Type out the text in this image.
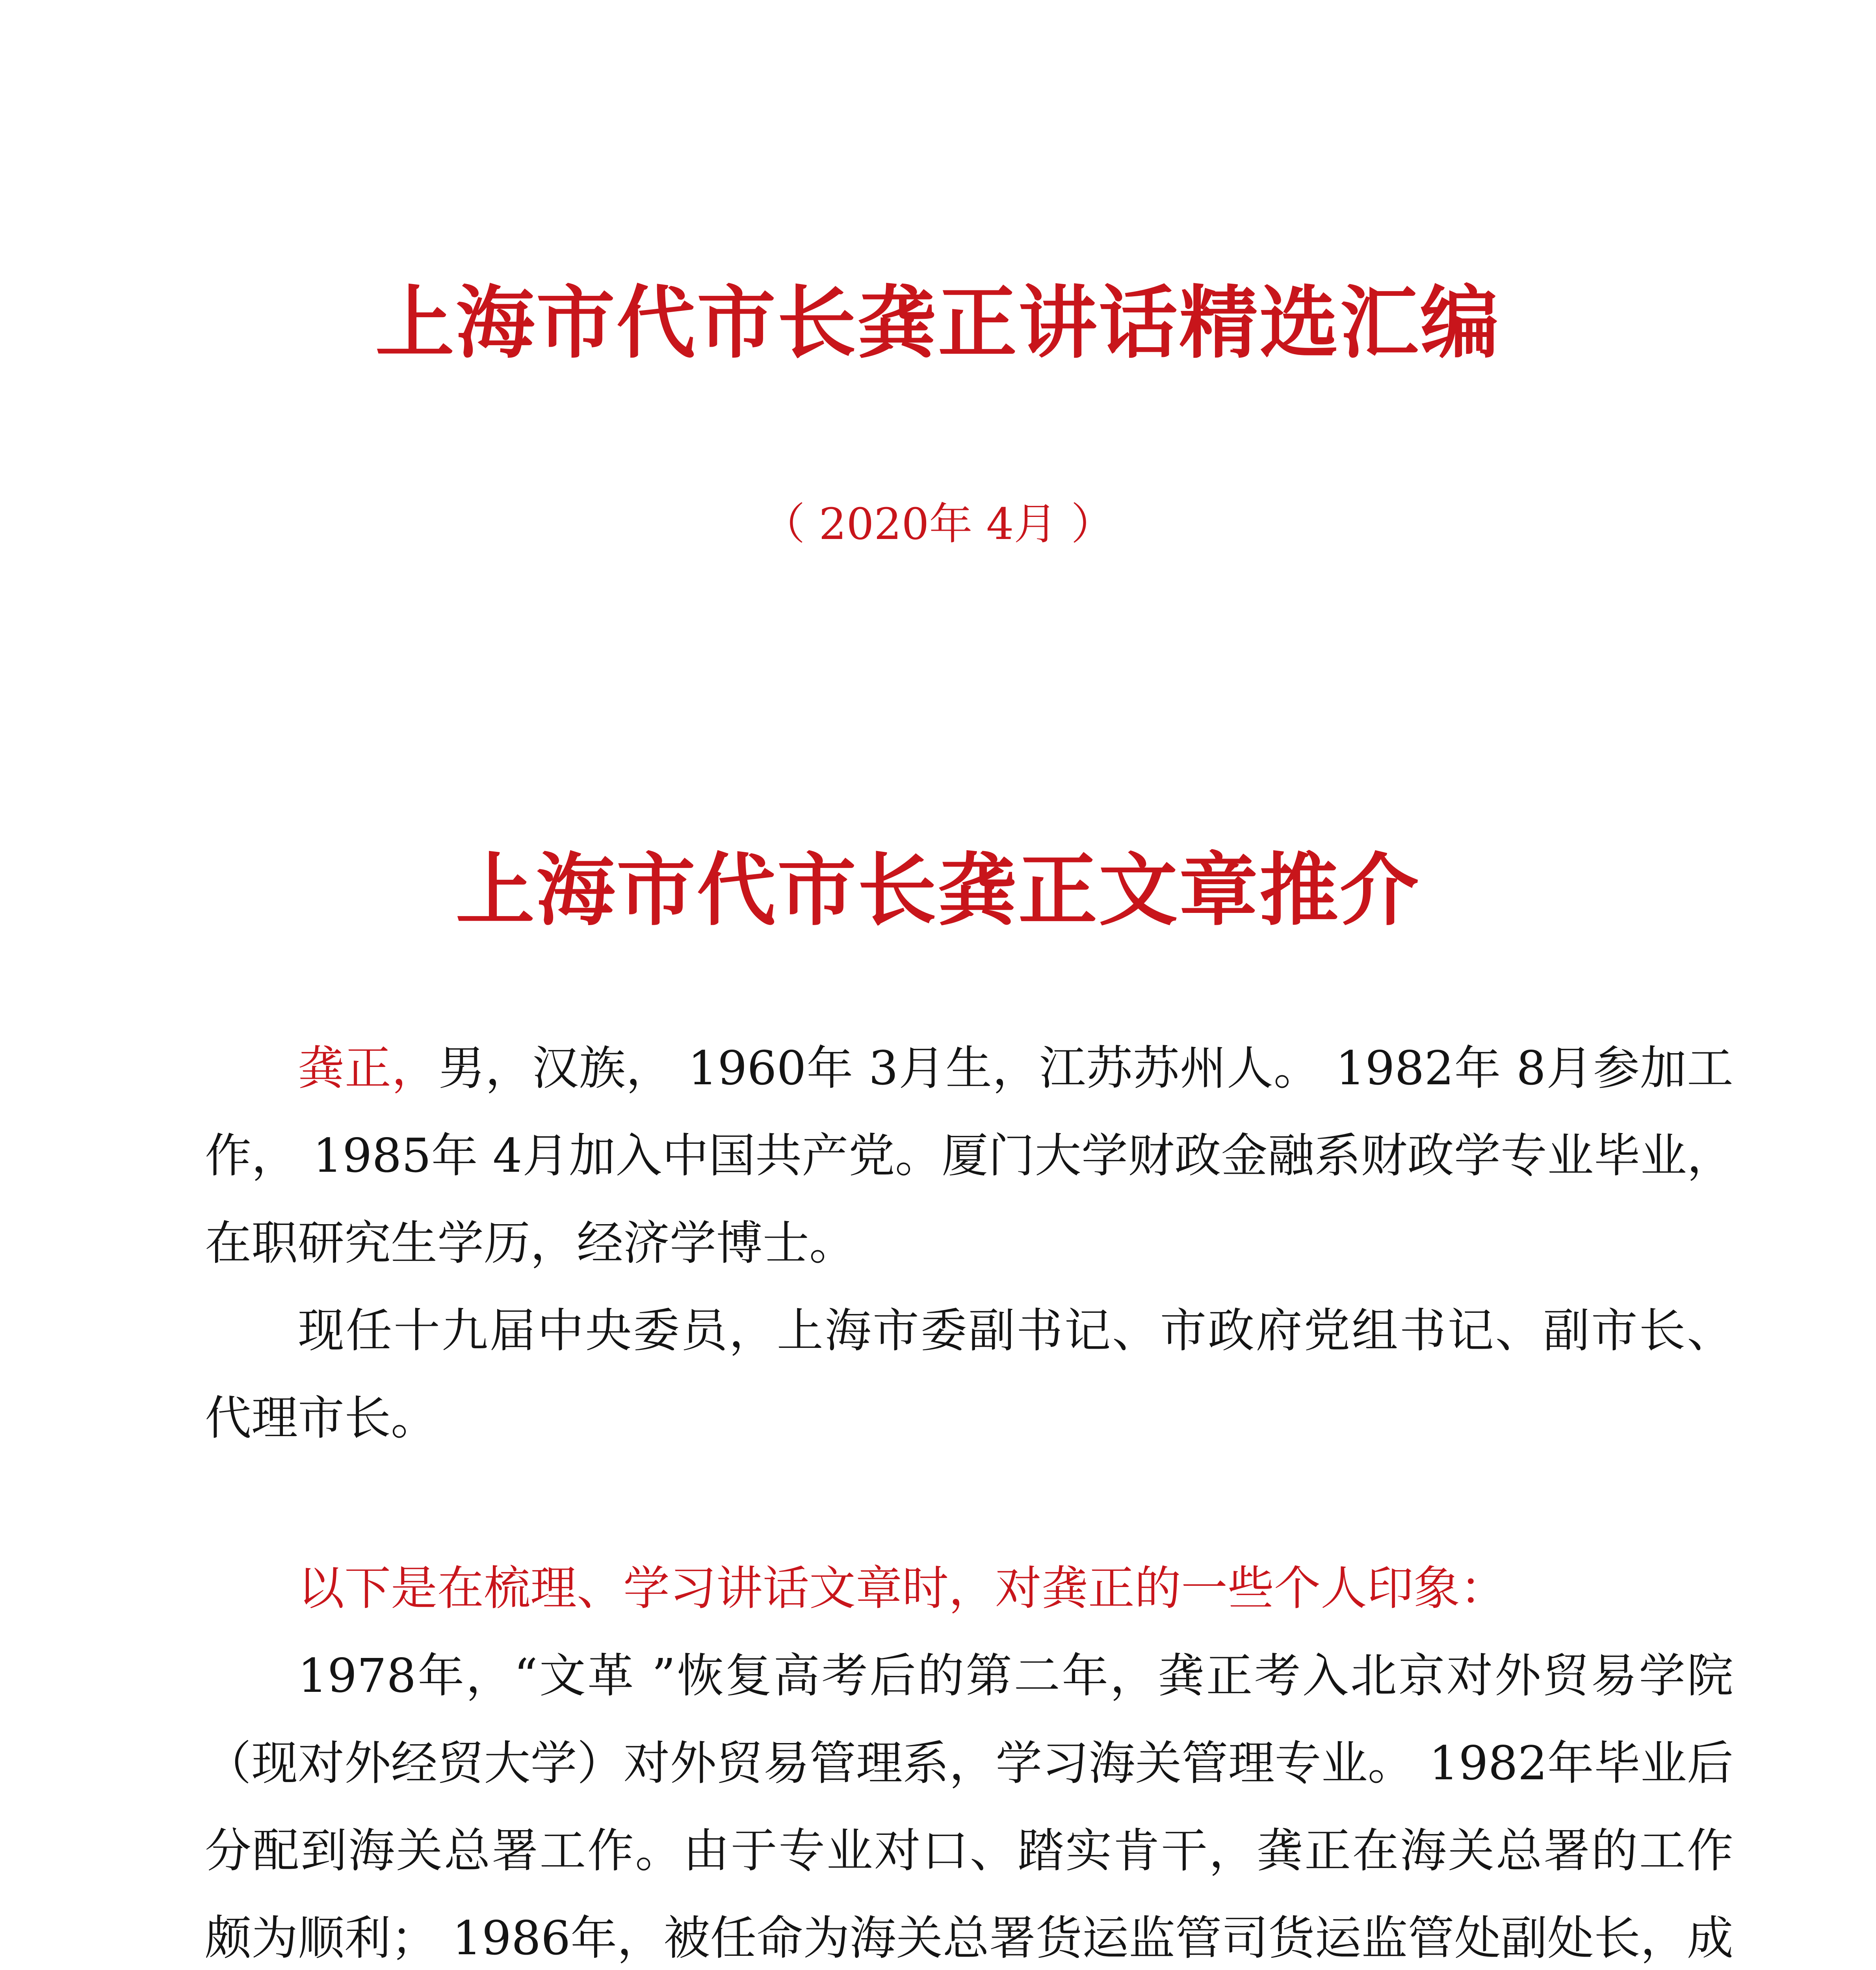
上海市代市长龚正讲话精选汇编
（ 2020年 4月 ）
上海市代市长龚正文章推介

龚正，男，汉族， 1960年 3月生，江苏苏州人。 1982年 8月参加工作， 1985年 4月加入中国共产党。厦门大学财政金融系财政学专业毕业，在职研究生学历，经济学博士。

现任十九届中央委员，上海市委副书记、市政府党组书记、副市长、代理市长。

以下是在梳理、学习讲话文章时，对龚正的一些个人印象：

1978年，“文革 ”恢复高考后的第二年，龚正考入北京对外贸易学院（现对外经贸大学）对外贸易管理系，学习海关管理专业。 1982年毕业后分配到海关总署工作。由于专业对口、踏实肯干，龚正在海关总署的工作颇为顺利； 1986年，被任命为海关总署货运监管司货运监管处副处长，成
